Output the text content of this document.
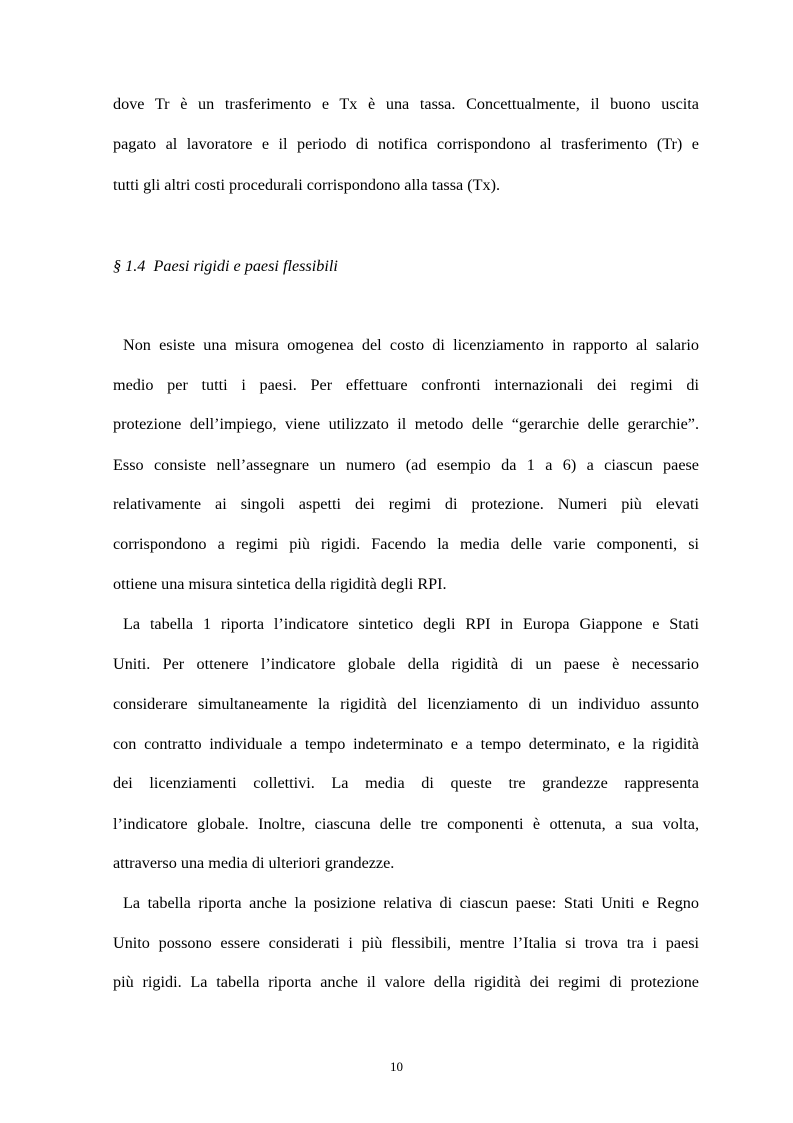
dove Tr è un trasferimento e Tx è una tassa. Concettualmente, il buono uscita
pagato al lavoratore e il periodo di notifica corrispondono al trasferimento (Tr) e
tutti gli altri costi procedurali corrispondono alla tassa (Tx).
§ 1.4  Paesi rigidi e paesi flessibili
Non esiste una misura omogenea del costo di licenziamento in rapporto al salario
medio per tutti i paesi. Per effettuare confronti internazionali dei regimi di
protezione dell’impiego, viene utilizzato il metodo delle “gerarchie delle gerarchie”.
Esso consiste nell’assegnare un numero (ad esempio da 1 a 6) a ciascun paese
relativamente ai singoli aspetti dei regimi di protezione. Numeri più elevati
corrispondono a regimi più rigidi. Facendo la media delle varie componenti, si
ottiene una misura sintetica della rigidità degli RPI.
La tabella 1 riporta l’indicatore sintetico degli RPI in Europa Giappone e Stati
Uniti. Per ottenere l’indicatore globale della rigidità di un paese è necessario
considerare simultaneamente la rigidità del licenziamento di un individuo assunto
con contratto individuale a tempo indeterminato e a tempo determinato, e la rigidità
dei licenziamenti collettivi. La media di queste tre grandezze rappresenta
l’indicatore globale. Inoltre, ciascuna delle tre componenti è ottenuta, a sua volta,
attraverso una media di ulteriori grandezze.
La tabella riporta anche la posizione relativa di ciascun paese: Stati Uniti e Regno
Unito possono essere considerati i più flessibili, mentre l’Italia si trova tra i paesi
più rigidi. La tabella riporta anche il valore della rigidità dei regimi di protezione
10
